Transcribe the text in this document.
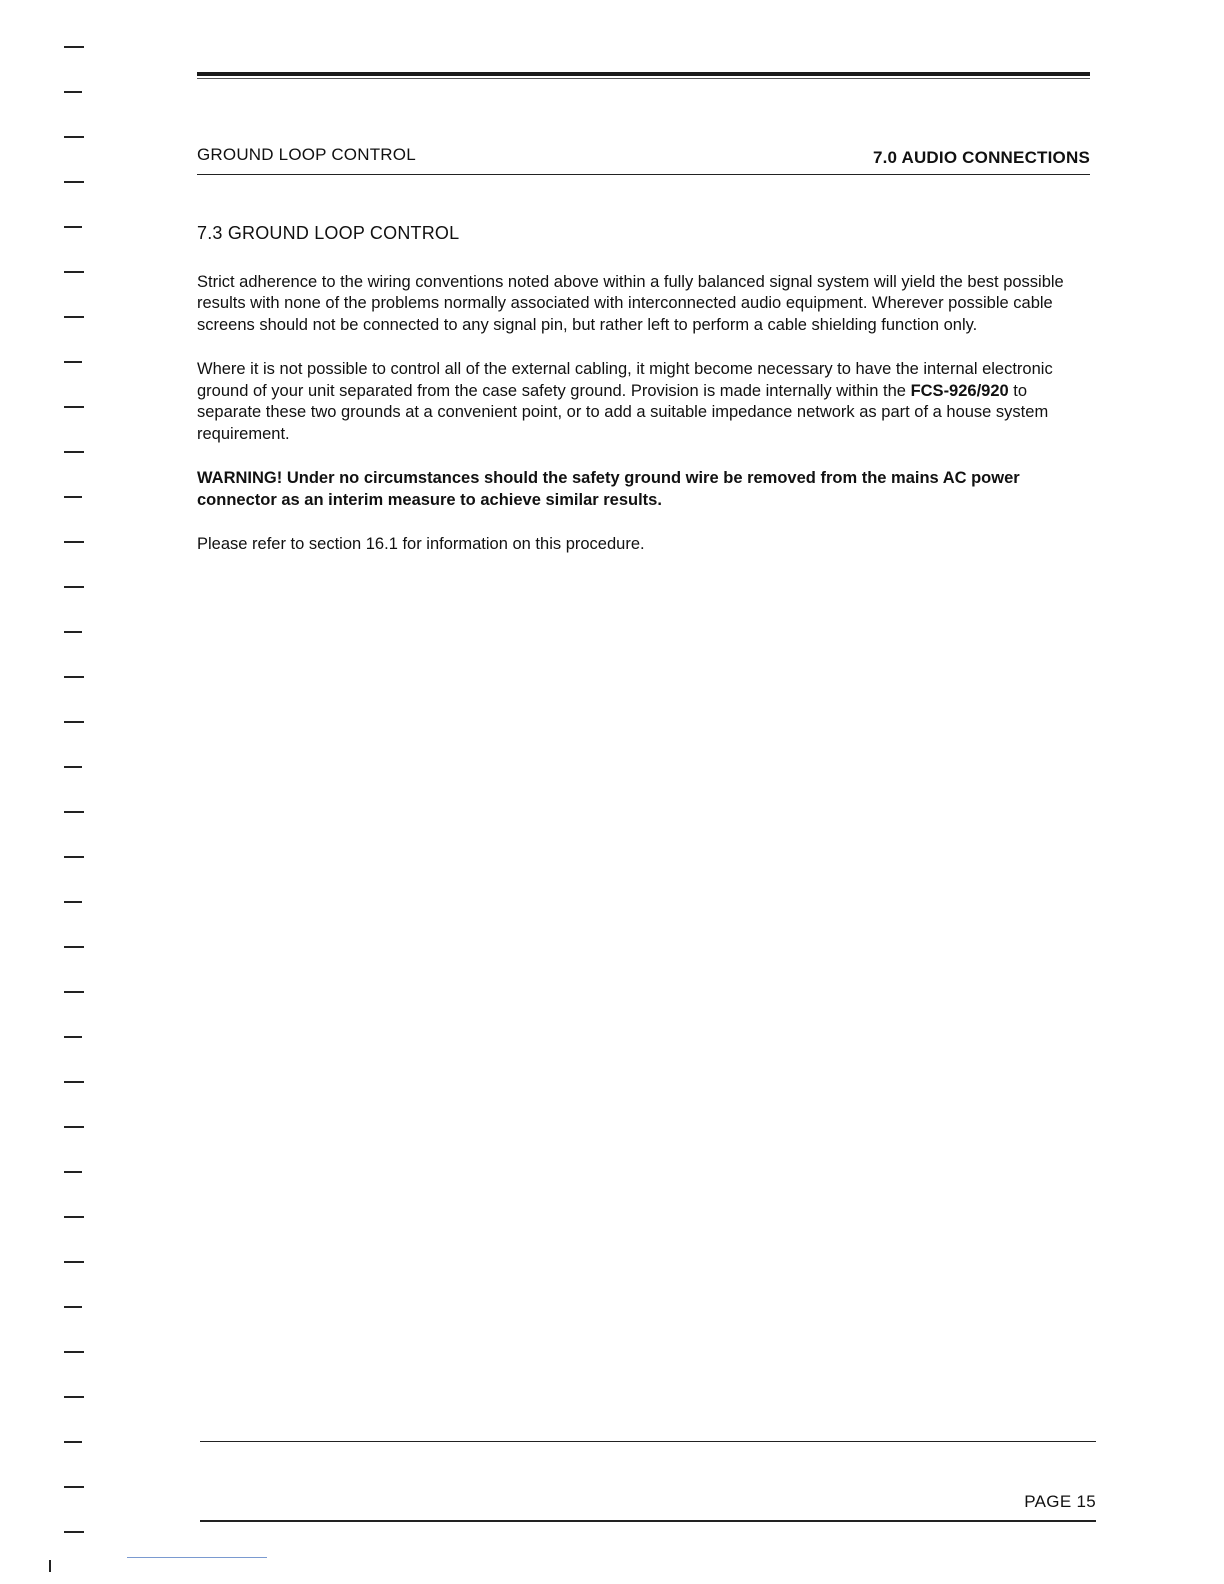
GROUND LOOP CONTROL	7.0 AUDIO CONNECTIONS
7.3 GROUND LOOP CONTROL

Strict adherence to the wiring conventions noted above within a fully balanced signal system will yield the best possible results with none of the problems normally associated with interconnected audio equipment. Wherever possible cable screens should not be connected to any signal pin, but rather left to perform a cable shielding function only.

Where it is not possible to control all of the external cabling, it might become necessary to have the internal electronic ground of your unit separated from the case safety ground. Provision is made internally within the FCS-926/920 to separate these two grounds at a convenient point, or to add a suitable impedance network as part of a house system requirement.

WARNING! Under no circumstances should the safety ground wire be removed from the mains AC power connector as an interim measure to achieve similar results.

Please refer to section 16.1 for information on this procedure.

PAGE 15
